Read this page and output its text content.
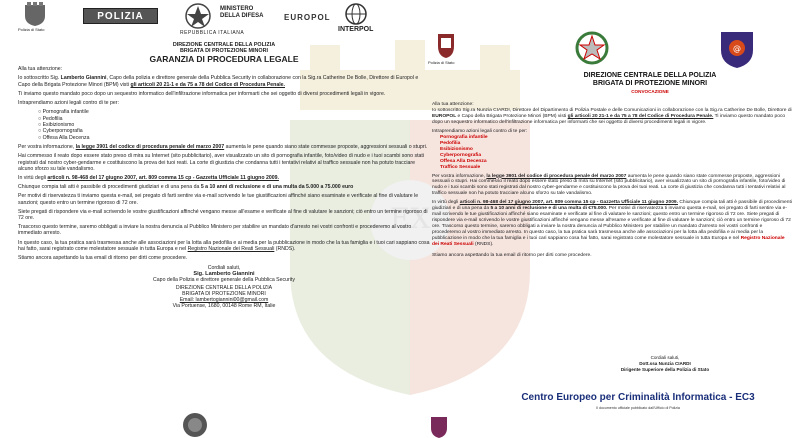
EX
Polizia di Stato
POLIZIA
MINISTERO
DELLA DIFESA
REPUBBLICA ITALIANA
EUROPOL
INTERPOL
Polizia di Stato
@
DIREZIONE CENTRALE DELLA POLIZIA
BRIGATA DI PROTEZIONE MINORI
GARANZIA DI PROCEDURA LEGALE
Alla tua attenzione:
Io sottoscritto Sig. Lamberto Giannini, Capo della polizia e direttore generale della Pubblica Security in collaborazione con la Sig.ra Catherine De Bolle, Direttore di Europol e Capo della Brigata Protezione Minori (BPM) visti gli articoli 20 21-1 e da 75 a 78 del Codice di Procedura Penale.
Ti inviamo questo mandato poco dopo un sequestro informatico dell'infiltrazione informatica per informarti che sei oggetto di diversi procedimenti legali in vigore.
Intraprendiamo azioni legali contro di te per:
○ Pornografia infantile
○ Pedofilia
○ Esibizionismo
○ Cyberpornografia
○ Offesa Alla Decenza
Per vostra informazione, la legge 3901 del codice di procedura penale del marzo 2007 aumenta le pene quando siano state commesse proposte, aggressioni sessuali o stupri.
Hai commesso il reato dopo essere stato preso di mira su Internet (sito pubblicitario), aver visualizzato un sito di pornografia infantile, foto/video di nudo e i tuoi scambi sono stati registrati dal nostro cyber-gendarme e costituiscono la prova dei tuoi reati. La corte di giustizia che condanna tutti i tentativi relativi al traffico sessuale non ha potuto tracciare alcuno sforzo su tale vandalismo.
In virtù degli articoli n. 98-468 del 17 giugno 2007, art. 809 comma 15 cp - Gazzetta Ufficiale 11 giugno 2009.
Chiunque compia tali atti è passibile di procedimenti giudiziari e di una pena da 5 a 10 anni di reclusione e di una multa da 5.000 a 75.000 euro
Per motivi di riservatezza ti inviamo questa e-mail, sei pregato di farti sentire via e-mail scrivendo le tue giustificazioni affinché siano esaminate e verificate al fine di valutare le sanzioni; questo entro un termine rigoroso di 72 ore.
Siete pregati di rispondere via e-mail scrivendo le vostre giustificazioni affinché vengano messe all'esame e verificate al fine di valutare le sanzioni; ciò entro un termine rigoroso di 72 ore.
Trascorso questo termine, saremo obbligati a inviare la nostra denuncia al Pubblico Ministero per stabilire un mandato d'arresto nei vostri confronti e procederemo al vostro immediato arresto.
In questo caso, la tua pratica sarà trasmessa anche alle associazioni per la lotta alla pedofilia e ai media per la pubblicazione in modo che la tua famiglia e i tuoi cari sappiano cosa hai fatto, sarai registrato come molestatore sessuale in tutta Europa e nel Registro Nazionale dei Reati Sessuali (RNDS).
Stiamo ancora aspettando la tua email di ritorno per dirti come procedere.
Cordiali saluti,
Sig. Lamberto Giannini
Capo della Polizia e direttore generale della Pubblica Security
DIREZIONE CENTRALE DELLA POLIZIA
BRIGATA DI PROTEZIONE MINORI
Email: lambertogiannini00@gmail.com
Via Portuense, 1680, 00148 Rome RM, Italie
DIREZIONE CENTRALE DELLA POLIZIA
BRIGATA DI PROTEZIONE MINORI
CONVOCAZIONE
Alla tua attenzione:
Io sottoscritto Sig.ra Nunzia CIARDI, Direttore del Dipartimento di Polizia Postale e delle Comunicazioni in collaborazione con la Sig.ra Catherine De Bolle, Direttore di EUROPOL e Capo della Brigata Protezione Minori (BPM) visti gli articoli 20 21-1 e da 75 a 78 del Codice di Procedura Penale. Ti inviamo questo mandato poco dopo un sequestro informatico dell'infiltrazione informatica per informarti che sei oggetto di diversi procedimenti legali in vigore.
Intraprendiamo azioni legali contro di te per:
Pornografia infantile
Pedofilia
Esibizionismo
Cyberpornografia
Offesa Alla Decenza
Traffico Sessuale
Per vostra informazione, la legge 3901 del codice di procedura penale del marzo 2007 aumenta le pene quando siano state commesse proposte, aggressioni sessuali o stupri. Hai commesso il reato dopo essere stato preso di mira su Internet (sito pubblicitario), aver visualizzato un sito di pornografia infantile, foto/video di nudo e i tuoi scambi sono stati registrati dal nostro cyber-gendarme e costituiscono la prova dei tuoi reati. La corte di giustizia che condanna tutti i tentativi relativi al traffico sessuale non ha potuto tracciare alcuno sforzo su tale vandalismo.
In virtù degli articoli n. 98-468 del 17 giugno 2007, art. 809 comma 15 cp - Gazzetta Ufficiale 11 giugno 2009. Chiunque compia tali atti è passibile di procedimenti giudiziari e di una pena da 5 a 10 anni di reclusione e di una multa di €75.000. Per motivi di riservatezza ti inviamo questa e-mail, sei pregato di farti sentire via e-mail scrivendo le tue giustificazioni affinché siano esaminate e verificate al fine di valutare le sanzioni; questo entro un termine rigoroso di 72 ore. Siete pregati di rispondere via e-mail scrivendo le vostre giustificazioni affinché vengano messe all'esame e verificate al fine di valutare le sanzioni; ciò entro un termine rigoroso di 72 ore. Trascorso questo termine, saremo obbligati a inviare la nostra denuncia al Pubblico Ministero per stabilire un mandato d'arresto nei vostri confronti e procederemo al vostro immediato arresto. In questo caso, la tua pratica sarà trasmessa anche alle associazioni per la lotta alla pedofilia e ai media per la pubblicazione in modo che la tua famiglia e i tuoi cari sappiano cosa hai fatto, sarai registrato come molestatore sessuale in tutta Europa e nel Registro Nazionale dei Reati Sessuali (RNDS).
Stiamo ancora aspettando la tua email di ritorno per dirti come procedere.
Cordiali saluti,
Dott.ssa Nunzia CIARDI
Dirigente Superiore della Polizia di Stato
Centro Europeo per Criminalità Informatica - EC3
Il documento ufficiale pubblicato dall'Ufficio di Polizia
